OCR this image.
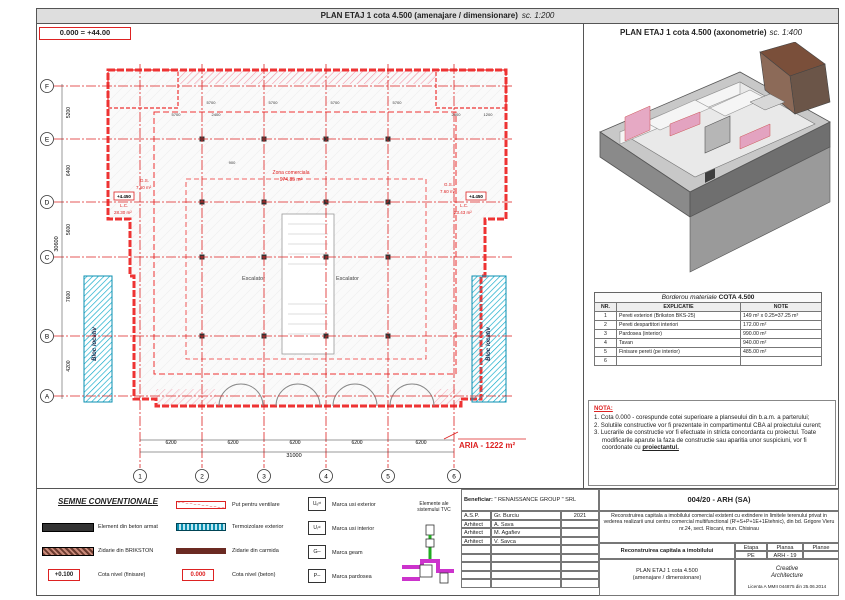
PLAN ETAJ 1 cota 4.500 (amenajare / dimensionare) sc. 1:200
0.000 = +44.00
Bloc locativ	Bloc locativ
Escalator	Escalator
Zona comerciala
974.85 m²
L.C.
28.30 m²
L.C.
23.43 m²
G.S.
7.60 m²
G.S.
7.60 m²
+4.450	+4.450
F
E
D
C
B
A
1	2	3	4	5	6
5200
6400
5600
7600
4200
6200	6200	6200	6200	6200
5700	5700	5700	5700
5700	2400	2400	1200
900
30600
31000
ARIA - 1222 m²
PLAN ETAJ 1 cota 4.500 (axonometrie) sc. 1:400
Borderou materiale COTA 4.500
NR.	EXPLICATIE	NOTE
1	Pereti exteriori (Brikston BKS-25)	149 m² x 0.25=37.25 m³
2	Pereti despartitori interiori	172.00 m²
3	Pardosea (interior)	990.00 m²
4	Tavan	940.00 m²
5	Finisare pereti (pe interior)	485.00 m²
6		
NOTA:
1. Cota 0.000 - corespunde cotei superioare a planseului din b.a.m. a parterului;
2. Solutiile constructive vor fi prezentate in compartimentul CBA al proiectului curent;
3. Lucrarile de constructie vor fi efectuate in stricta concordanta cu proiectul. Toate modificarile aparute la faza de constructie sau aparitia unor suspiciuni, vor fi coordonate cu proiectantul.
SEMNE CONVENTIONALE
Element din beton armat
Zidarie din BRIKSTON
+0.100	Cota nivel (finisare)
Put pentru ventilare
Termoizolare exterior
Zidarie din carmida
0.000	Cota nivel (beton)
Uₑˣᵗ	Marca usi exterior
Uᵢⁿᵗ	Marca usi interior
G–	Marca geam
P–	Marca pardosea
Elemente ale sistemului TVC
Beneficiar: " RENAISSANCE GROUP " SRL	004/20 - ARH (SA)
A.S.P.	Gr. Burciu	2021
Arhitect	A. Sava
Arhitect	M. Agafiev
Arhitect	V. Savca
Reconstruirea capitala a imobilului comercial existent cu extindere in limitele terenului privat in vederea realizarii unui centru comercial multifunctional (Rᵗ+S+P+1E+1Etehnic), din bd. Grigore Vieru nr.24, sect. Riscani, mun. Chisinau
Reconstruirea capitala a imobilului	Etapa	Plansa	Planse
PE	ARH - 19
PLAN ETAJ 1 cota 4.500
(amenajare / dimensionare)
Creative
Architecture
Licenta A MMII 044875 din 25.06.2014
